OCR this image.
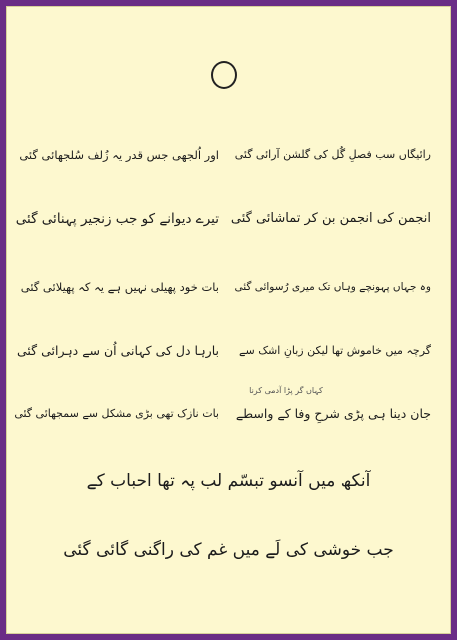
رائیگاں سب فصلِ گُل کی گلشن آرائی گئی
اور اُلجھی جس قدر یہ زُلف سُلجھائی گئی
انجمن کی انجمن بن کر تماشائی گئی
تیرے دیوانے کو جب زنجیر پہنائی گئی
وہ جہاں پہونچے وہاں تک میری رُسوائی گئی
بات خود پھیلی نہیں ہے یہ کہ پھیلائی گئی
گرچہ میں خاموش تھا لیکن زبانِ اشک سے
بارہا دل کی کہانی اُن سے دہرائی گئی
کہاں گر پڑا آدمی کرنا
جان دینا ہی پڑی شرحِ وفا کے واسطے
بات نازک تھی بڑی مشکل سے سمجھائی گئی
آنکھ میں آنسو تبسّم لب پہ تھا احباب کے
جب خوشی کی لَے میں غم کی راگنی گائی گئی
